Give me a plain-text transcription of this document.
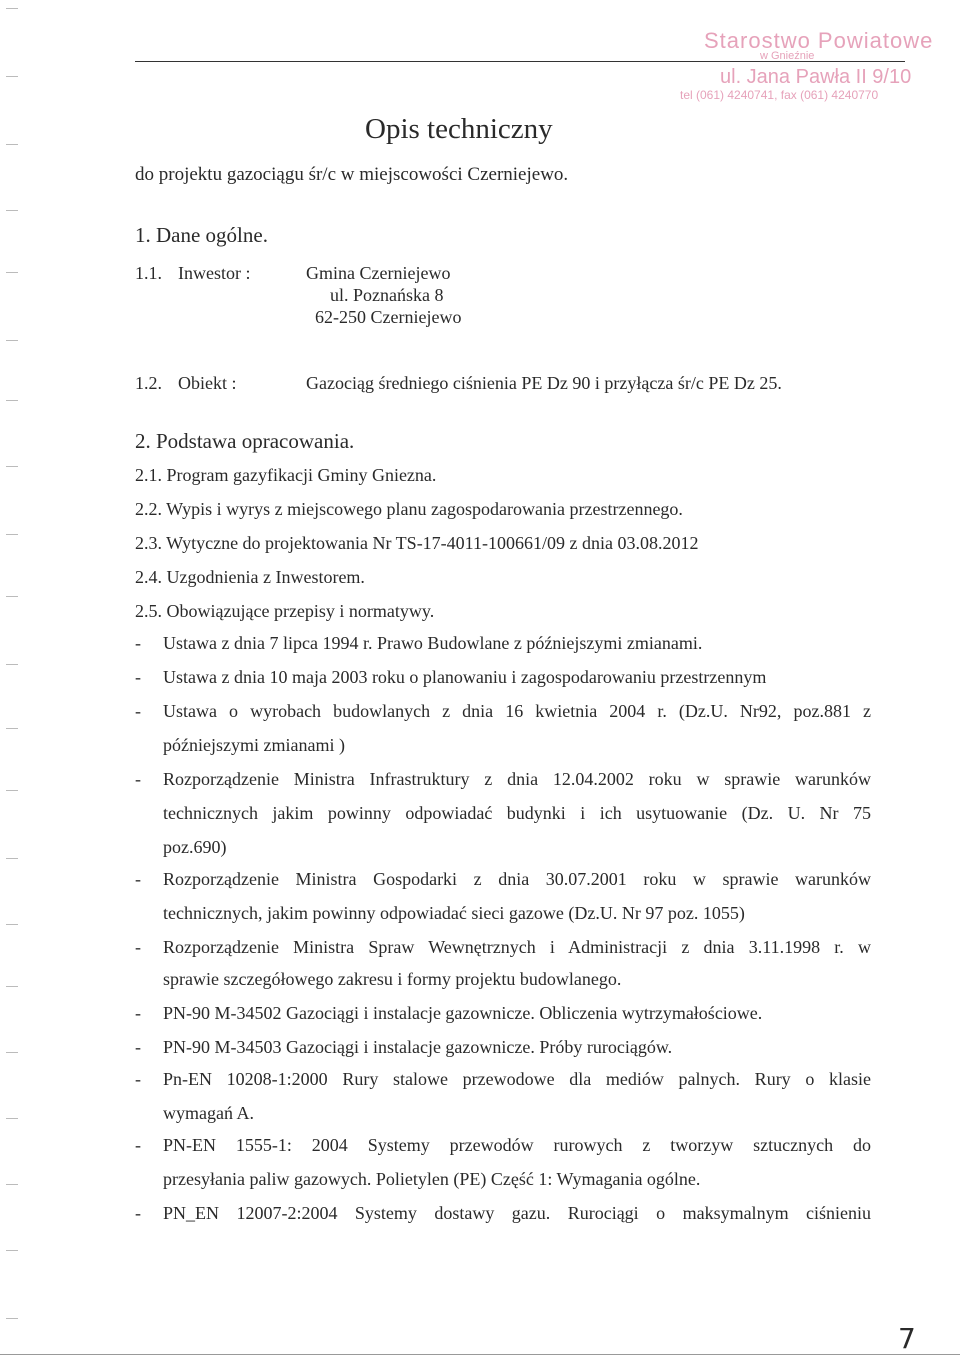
Starostwo Powiatowe
w Gnieźnie
ul. Jana Pawła II 9/10
tel (061) 4240741, fax (061) 4240770
Opis techniczny
do projektu gazociągu śr/c w miejscowości Czerniejewo.
1. Dane ogólne.
1.1. Inwestor :	Gmina Czerniejewo
ul. Poznańska 8
62-250 Czerniejewo
1.2. Obiekt :	Gazociąg średniego ciśnienia PE Dz 90 i przyłącza śr/c PE Dz 25.
2. Podstawa opracowania.
2.1. Program gazyfikacji Gminy Gniezna.
2.2. Wypis i wyrys z miejscowego planu zagospodarowania przestrzennego.
2.3. Wytyczne do projektowania Nr TS-17-4011-100661/09 z dnia 03.08.2012
2.4. Uzgodnienia z Inwestorem.
2.5. Obowiązujące przepisy i normatywy.
- Ustawa z dnia 7 lipca 1994 r. Prawo Budowlane z późniejszymi zmianami.
- Ustawa z dnia 10 maja 2003 roku o planowaniu i zagospodarowaniu przestrzennym
- Ustawa o wyrobach budowlanych z dnia 16 kwietnia 2004 r. (Dz.U. Nr92, poz.881 z
późniejszymi zmianami )
- Rozporządzenie Ministra Infrastruktury z dnia 12.04.2002 roku w sprawie warunków
technicznych jakim powinny odpowiadać budynki i ich usytuowanie (Dz. U. Nr 75
poz.690)
- Rozporządzenie Ministra Gospodarki z dnia 30.07.2001 roku w sprawie warunków
technicznych, jakim powinny odpowiadać sieci gazowe (Dz.U. Nr 97 poz. 1055)
- Rozporządzenie Ministra Spraw Wewnętrznych i Administracji z dnia 3.11.1998 r. w
sprawie szczegółowego zakresu i formy projektu budowlanego.
- PN-90 M-34502 Gazociągi i instalacje gazownicze. Obliczenia wytrzymałościowe.
- PN-90 M-34503 Gazociągi i instalacje gazownicze. Próby rurociągów.
- Pn-EN 10208-1:2000 Rury stalowe przewodowe dla mediów palnych. Rury o klasie
wymagań A.
- PN-EN 1555-1: 2004 Systemy przewodów rurowych z tworzyw sztucznych do
przesyłania paliw gazowych. Polietylen (PE) Część 1: Wymagania ogólne.
- PN_EN 12007-2:2004 Systemy dostawy gazu. Rurociągi o maksymalnym ciśnieniu
7
